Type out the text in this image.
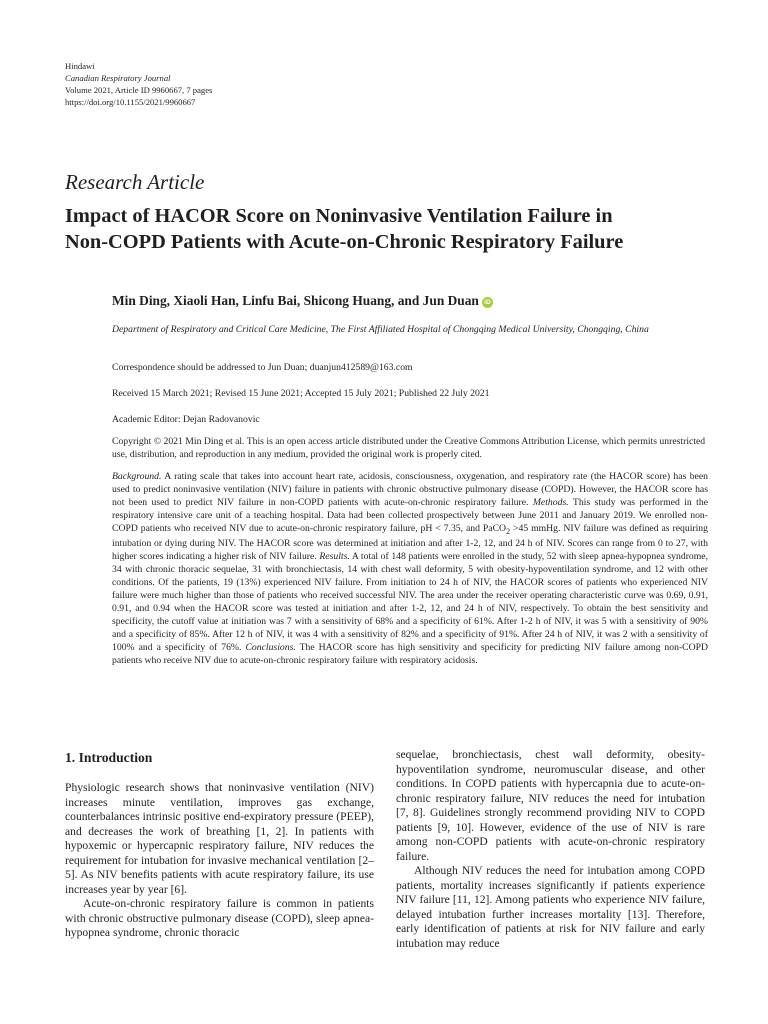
Hindawi
Canadian Respiratory Journal
Volume 2021, Article ID 9960667, 7 pages
https://doi.org/10.1155/2021/9960667
Research Article
Impact of HACOR Score on Noninvasive Ventilation Failure in
Non-COPD Patients with Acute-on-Chronic Respiratory Failure
Min Ding, Xiaoli Han, Linfu Bai, Shicong Huang, and Jun Duan iD
Department of Respiratory and Critical Care Medicine, The First Affiliated Hospital of Chongqing Medical University, Chongqing, China
Correspondence should be addressed to Jun Duan; duanjun412589@163.com
Received 15 March 2021; Revised 15 June 2021; Accepted 15 July 2021; Published 22 July 2021
Academic Editor: Dejan Radovanovic
Copyright © 2021 Min Ding et al. This is an open access article distributed under the Creative Commons Attribution License, which permits unrestricted use, distribution, and reproduction in any medium, provided the original work is properly cited.
Background. A rating scale that takes into account heart rate, acidosis, consciousness, oxygenation, and respiratory rate (the HACOR score) has been used to predict noninvasive ventilation (NIV) failure in patients with chronic obstructive pulmonary disease (COPD). However, the HACOR score has not been used to predict NIV failure in non-COPD patients with acute-on-chronic respiratory failure. Methods. This study was performed in the respiratory intensive care unit of a teaching hospital. Data had been collected prospectively between June 2011 and January 2019. We enrolled non-COPD patients who received NIV due to acute-on-chronic respiratory failure, pH < 7.35, and PaCO$_2$ >45 mmHg. NIV failure was defined as requiring intubation or dying during NIV. The HACOR score was determined at initiation and after 1-2, 12, and 24 h of NIV. Scores can range from 0 to 27, with higher scores indicating a higher risk of NIV failure. Results. A total of 148 patients were enrolled in the study, 52 with sleep apnea-hypopnea syndrome, 34 with chronic thoracic sequelae, 31 with bronchiectasis, 14 with chest wall deformity, 5 with obesity-hypoventilation syndrome, and 12 with other conditions. Of the patients, 19 (13%) experienced NIV failure. From initiation to 24 h of NIV, the HACOR scores of patients who experienced NIV failure were much higher than those of patients who received successful NIV. The area under the receiver operating characteristic curve was 0.69, 0.91, 0.91, and 0.94 when the HACOR score was tested at initiation and after 1-2, 12, and 24 h of NIV, respectively. To obtain the best sensitivity and specificity, the cutoff value at initiation was 7 with a sensitivity of 68% and a specificity of 61%. After 1-2 h of NIV, it was 5 with a sensitivity of 90% and a specificity of 85%. After 12 h of NIV, it was 4 with a sensitivity of 82% and a specificity of 91%. After 24 h of NIV, it was 2 with a sensitivity of 100% and a specificity of 76%. Conclusions. The HACOR score has high sensitivity and specificity for predicting NIV failure among non-COPD patients who receive NIV due to acute-on-chronic respiratory failure with respiratory acidosis.
1. Introduction

Physiologic research shows that noninvasive ventilation (NIV) increases minute ventilation, improves gas exchange, counterbalances intrinsic positive end-expiratory pressure (PEEP), and decreases the work of breathing [1, 2]. In patients with hypoxemic or hypercapnic respiratory failure, NIV reduces the requirement for intubation for invasive mechanical ventilation [2–5]. As NIV benefits patients with acute respiratory failure, its use increases year by year [6].

Acute-on-chronic respiratory failure is common in patients with chronic obstructive pulmonary disease (COPD), sleep apnea-hypopnea syndrome, chronic thoracic

sequelae, bronchiectasis, chest wall deformity, obesity-hypoventilation syndrome, neuromuscular disease, and other conditions. In COPD patients with hypercapnia due to acute-on-chronic respiratory failure, NIV reduces the need for intubation [7, 8]. Guidelines strongly recommend providing NIV to COPD patients [9, 10]. However, evidence of the use of NIV is rare among non-COPD patients with acute-on-chronic respiratory failure.

Although NIV reduces the need for intubation among COPD patients, mortality increases significantly if patients experience NIV failure [11, 12]. Among patients who experience NIV failure, delayed intubation further increases mortality [13]. Therefore, early identification of patients at risk for NIV failure and early intubation may reduce
